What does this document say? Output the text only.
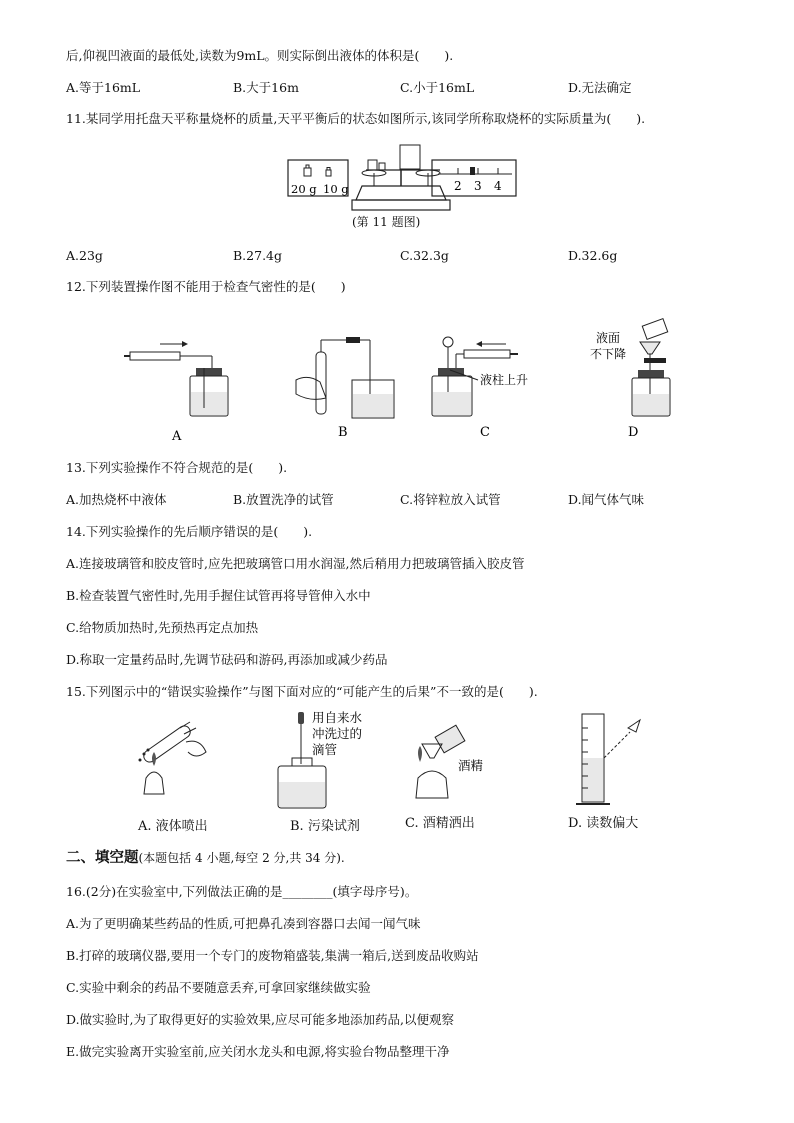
后,仰视凹液面的最低处,读数为9mL。则实际倒出液体的体积是(　　).
A.等于16mL	B.大于16m	C.小于16mL	D.无法确定
11.某同学用托盘天平称量烧杯的质量,天平平衡后的状态如图所示,该同学所称取烧杯的实际质量为(　　).
20 g 10 g	2 3 4
(第 11 题图)
A.23g	B.27.4g	C.32.3g	D.32.6g
12.下列装置操作图不能用于检查气密性的是(　　)
A	B
液柱上升
C
液面
不下降
D
13.下列实验操作不符合规范的是(　　).
A.加热烧杯中液体	B.放置洗净的试管	C.将锌粒放入试管	D.闻气体气味
14.下列实验操作的先后顺序错误的是(　　).
A.连接玻璃管和胶皮管时,应先把玻璃管口用水润湿,然后稍用力把玻璃管插入胶皮管
B.检查装置气密性时,先用手握住试管再将导管伸入水中
C.给物质加热时,先预热再定点加热
D.称取一定量药品时,先调节砝码和游码,再添加或减少药品
15.下列图示中的“错误实验操作”与图下面对应的“可能产生的后果”不一致的是(　　).
用自来水
冲洗过的
滴管
酒精
A. 液体喷出	B. 污染试剂	C. 酒精洒出	D. 读数偏大
二、填空题(本题包括 4 小题,每空 2 分,共 34 分).
16.(2分)在实验室中,下列做法正确的是________(填字母序号)。
A.为了更明确某些药品的性质,可把鼻孔凑到容器口去闻一闻气味
B.打碎的玻璃仪器,要用一个专门的废物箱盛装,集满一箱后,送到废品收购站
C.实验中剩余的药品不要随意丢弃,可拿回家继续做实验
D.做实验时,为了取得更好的实验效果,应尽可能多地添加药品,以便观察
E.做完实验离开实验室前,应关闭水龙头和电源,将实验台物品整理干净
